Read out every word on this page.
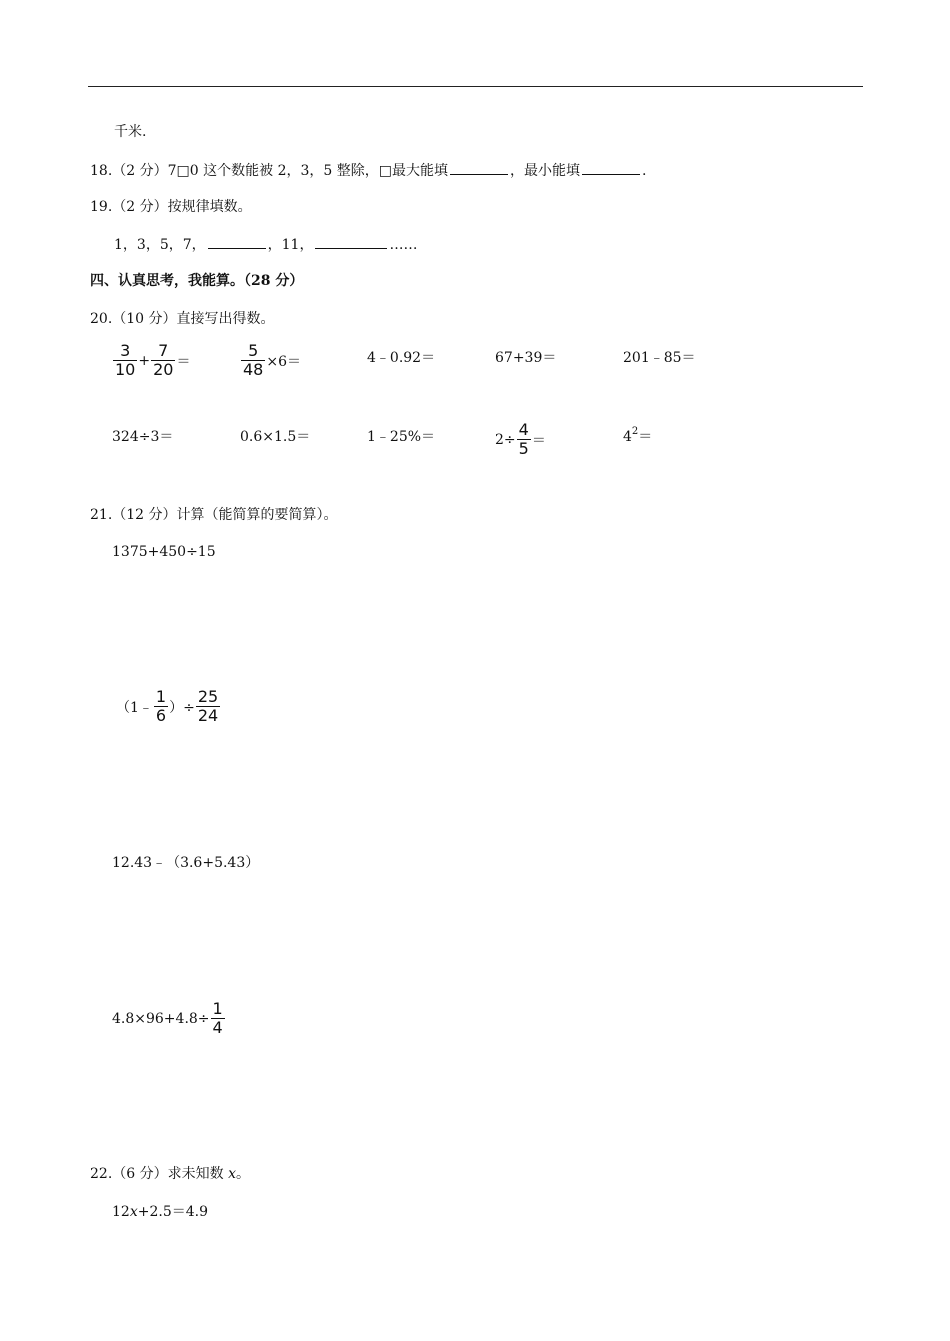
千米.
18.（2 分）7□0 这个数能被 2，3，5 整除，□最大能填	，最小能填	.
19.（2 分）按规律填数。
1，3，5，7，	，11，	……
四、认真思考，我能算。（28 分）
20.（10 分）直接写出得数。
$\frac{3}{10} + \frac{7}{20}$ ＝	$\frac{5}{48} \times 6=$	4﹣0.92＝	67+39＝	201﹣85＝
324÷3＝	0.6×1.5＝	1﹣25%＝	$2\div \frac{4}{5}$ ＝	$4^2=$
21.（12 分）计算（能简算的要简算）。
1375+450÷15
（1﹣ $\frac{1}{6}$ ）÷ $\frac{25}{24}$
12.43﹣（3.6+5.43）
$4.8\times 96+4.8\div \frac{1}{4}$
22.（6 分）求未知数 x。
12x+2.5＝4.9
